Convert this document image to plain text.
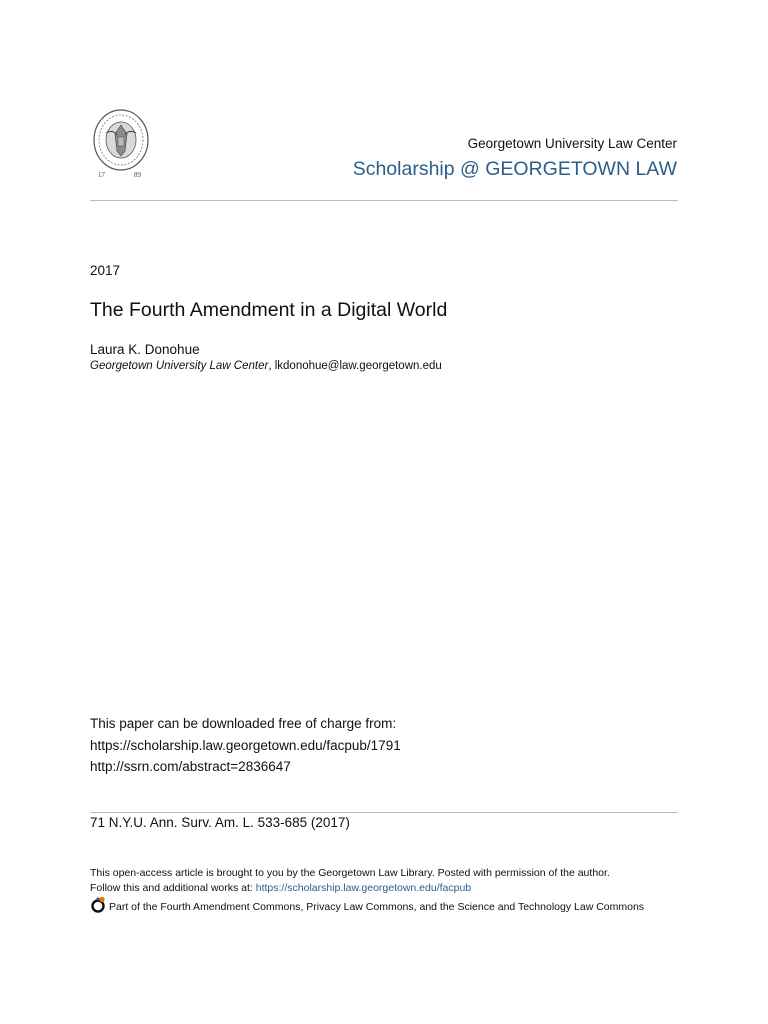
17	89
Georgetown University Law Center
Scholarship @ GEORGETOWN LAW
2017
The Fourth Amendment in a Digital World
Laura K. Donohue
Georgetown University Law Center, lkdonohue@law.georgetown.edu
This paper can be downloaded free of charge from:
https://scholarship.law.georgetown.edu/facpub/1791
http://ssrn.com/abstract=2836647
71 N.Y.U. Ann. Surv. Am. L. 533-685 (2017)
This open-access article is brought to you by the Georgetown Law Library. Posted with permission of the author.
Follow this and additional works at: https://scholarship.law.georgetown.edu/facpub
Part of the Fourth Amendment Commons, Privacy Law Commons, and the Science and Technology Law Commons
